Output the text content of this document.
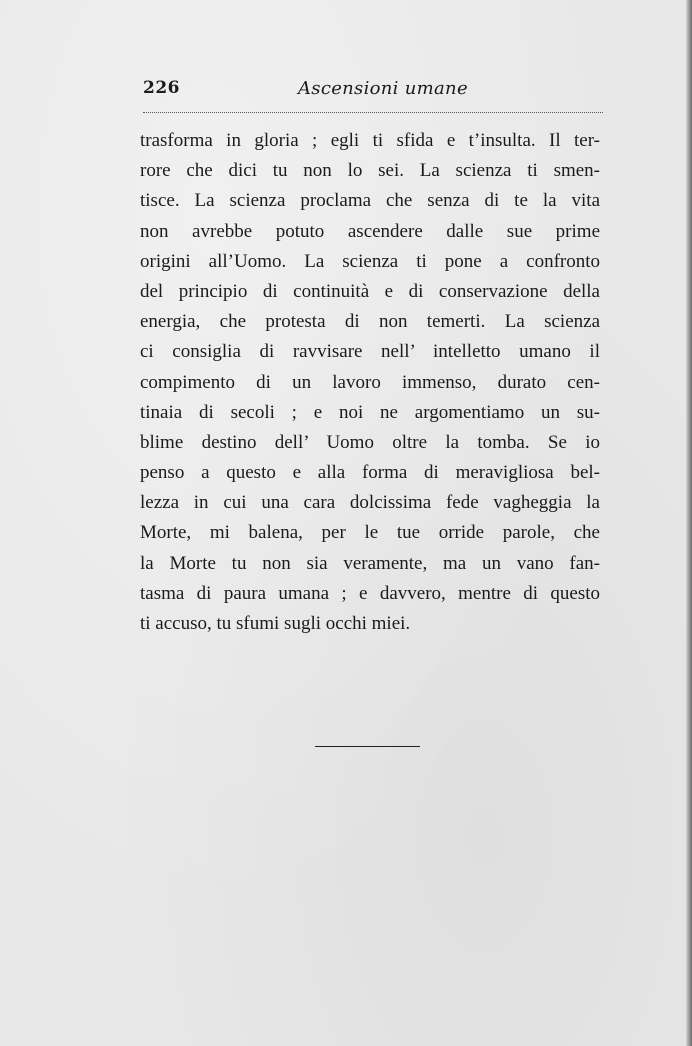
226	Ascensioni umane
trasforma in gloria ; egli ti sfida e t’insulta. Il ter-
rore che dici tu non lo sei. La scienza ti smen-
tisce. La scienza proclama che senza di te la vita
non avrebbe potuto ascendere dalle sue prime
origini all’Uomo. La scienza ti pone a confronto
del principio di continuità e di conservazione della
energia, che protesta di non temerti. La scienza
ci consiglia di ravvisare nell’ intelletto umano il
compimento di un lavoro immenso, durato cen-
tinaia di secoli ; e noi ne argomentiamo un su-
blime destino dell’ Uomo oltre la tomba. Se io
penso a questo e alla forma di meravigliosa bel-
lezza in cui una cara dolcissima fede vagheggia la
Morte, mi balena, per le tue orride parole, che
la Morte tu non sia veramente, ma un vano fan-
tasma di paura umana ; e davvero, mentre di questo
ti accuso, tu sfumi sugli occhi miei.
